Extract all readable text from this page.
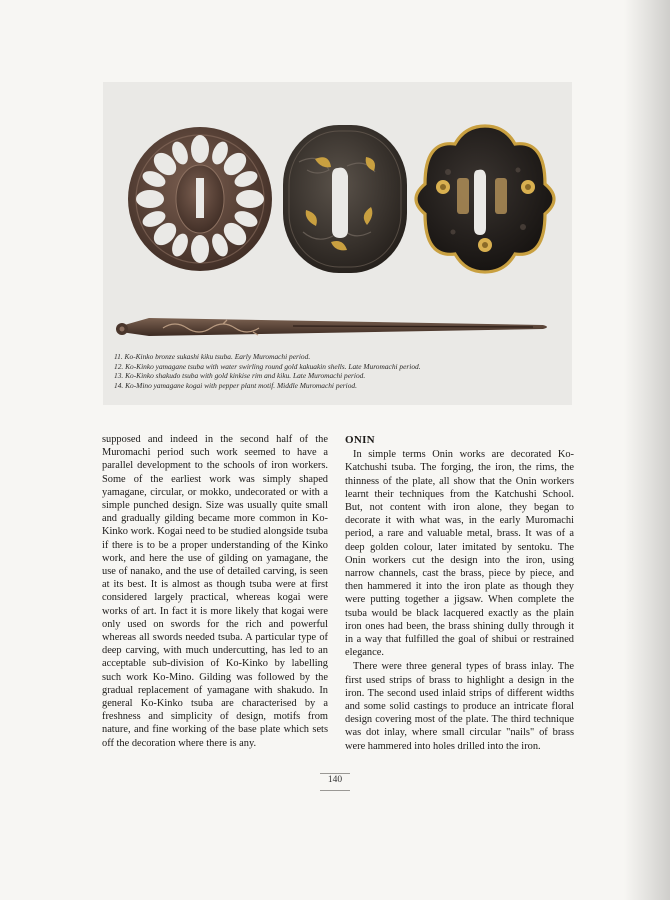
11. Ko-Kinko bronze sukashi kiku tsuba. Early Muromachi period.
12. Ko-Kinko yamagane tsuba with water swirling round gold kakuakin shells. Late Muromachi period.
13. Ko-Kinko shakudo tsuba with gold kinkise rim and kiku. Late Muromachi period.
14. Ko-Mino yamagane kogai with pepper plant motif. Middle Muromachi period.

supposed and indeed in the second half of the Muromachi period such work seemed to have a parallel development to the schools of iron workers. Some of the earliest work was simply shaped yamagane, circular, or mokko, undecorated or with a simple punched design. Size was usually quite small and gradually gilding became more common in Ko-Kinko work. Kogai need to be studied alongside tsuba if there is to be a proper understanding of the Kinko work, and here the use of gilding on yamagane, the use of nanako, and the use of detailed carving, is seen at its best. It is almost as though tsuba were at first considered largely practical, whereas kogai were works of art. In fact it is more likely that kogai were only used on swords for the rich and powerful whereas all swords needed tsuba. A particular type of deep carving, with much undercutting, has led to an acceptable sub-division of Ko-Kinko by labelling such work Ko-Mino. Gilding was followed by the gradual replacement of yamagane with shakudo. In general Ko-Kinko tsuba are characterised by a freshness and simplicity of design, motifs from nature, and fine working of the base plate which sets off the decoration where there is any.

ONIN

In simple terms Onin works are decorated Ko-Katchushi tsuba. The forging, the iron, the rims, the thinness of the plate, all show that the Onin workers learnt their techniques from the Katchushi School. But, not content with iron alone, they began to decorate it with what was, in the early Muromachi period, a rare and valuable metal, brass. It was of a deep golden colour, later imitated by sentoku. The Onin workers cut the design into the iron, using narrow channels, cast the brass, piece by piece, and then hammered it into the iron plate as though they were putting together a jigsaw. When complete the tsuba would be black lacquered exactly as the plain iron ones had been, the brass shining dully through it in a way that fulfilled the goal of shibui or restrained elegance.

There were three general types of brass inlay. The first used strips of brass to highlight a design in the iron. The second used inlaid strips of different widths and some solid castings to produce an intricate floral design covering most of the plate. The third technique was dot inlay, where small circular "nails" of brass were hammered into holes drilled into the iron.

140
